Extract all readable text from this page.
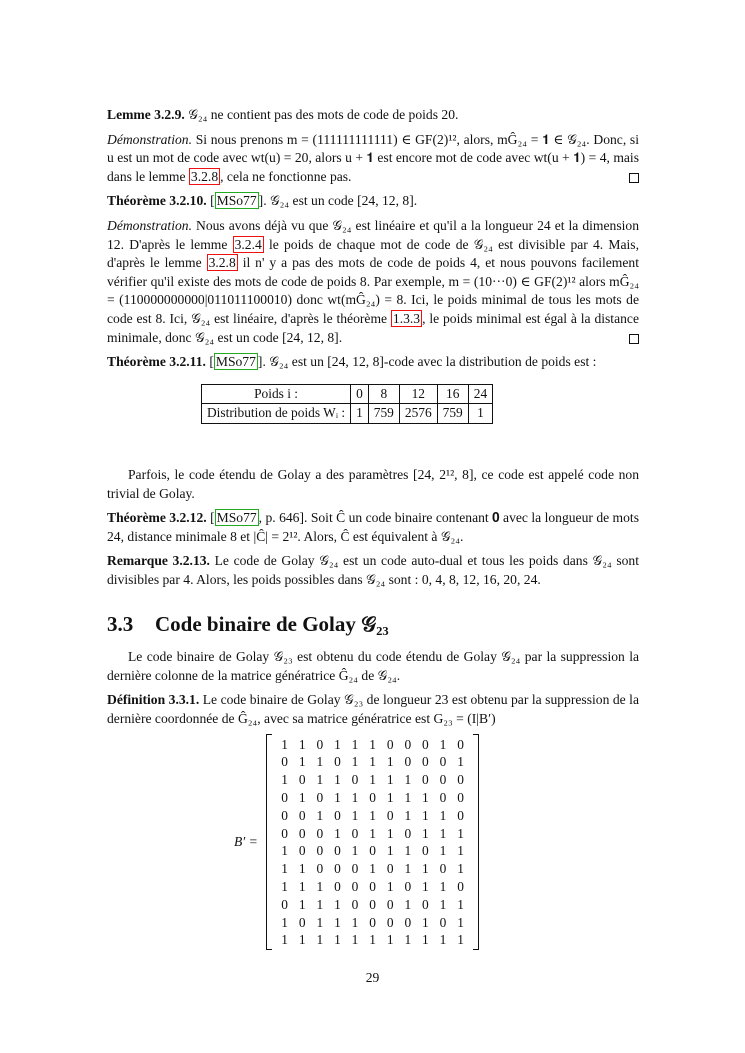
Lemme 3.2.9. 𝒢₂₄ ne contient pas des mots de code de poids 20.

Démonstration. Si nous prenons m = (111111111111) ∈ GF(2)¹², alors, mĜ₂₄ = 𝟏 ∈ 𝒢₂₄. Donc, si u est un mot de code avec wt(u) = 20, alors u + 𝟏 est encore mot de code avec wt(u + 𝟏) = 4, mais dans le lemme 3.2.8 , cela ne fonctionne pas.

Théorème 3.2.10. [ MSo77 ]. 𝒢₂₄ est un code [24, 12, 8].

Démonstration. Nous avons déjà vu que 𝒢₂₄ est linéaire et qu'il a la longueur 24 et la dimension 12. D'après le lemme 3.2.4 le poids de chaque mot de code de 𝒢₂₄ est divisible par 4. Mais, d'après le lemme 3.2.8 il n' y a pas des mots de code de poids 4, et nous pouvons facilement vérifier qu'il existe des mots de code de poids 8. Par exemple, m = (10···0) ∈ GF(2)¹² alors mĜ₂₄ = (110000000000|011011100010) donc wt(mĜ₂₄) = 8. Ici, le poids minimal de tous les mots de code est 8. Ici, 𝒢₂₄ est linéaire, d'après le théorème 1.3.3 , le poids minimal est égal à la distance minimale, donc 𝒢₂₄ est un code [24, 12, 8].

Théorème 3.2.11. [ MSo77 ]. 𝒢₂₄ est un [24, 12, 8]-code avec la distribution de poids est :

Poids i :	0	8	12	16	24
Distribution de poids Wᵢ :	1	759	2576	759	1

Parfois, le code étendu de Golay a des paramètres [24, 2¹², 8], ce code est appelé code non trivial de Golay.

Théorème 3.2.12. [ MSo77 , p. 646]. Soit Ĉ un code binaire contenant 𝟎 avec la longueur de mots 24, distance minimale 8 et |Ĉ| = 2¹². Alors, Ĉ est équivalent à 𝒢₂₄.

Remarque 3.2.13. Le code de Golay 𝒢₂₄ est un code auto-dual et tous les poids dans 𝒢₂₄ sont divisibles par 4. Alors, les poids possibles dans 𝒢₂₄ sont : 0, 4, 8, 12, 16, 20, 24.

3.3 Code binaire de Golay 𝒢₂₃

Le code binaire de Golay 𝒢₂₃ est obtenu du code étendu de Golay 𝒢₂₄ par la suppression la dernière colonne de la matrice génératrice Ĝ₂₄ de 𝒢₂₄.

Définition 3.3.1. Le code binaire de Golay 𝒢₂₃ de longueur 23 est obtenu par la suppression de la dernière coordonnée de Ĝ₂₄, avec sa matrice génératrice est G₂₃ = (I|B′)

B′ =
1 1 0 1 1 1 0 0 0 1 0
0 1 1 0 1 1 1 0 0 0 1
1 0 1 1 0 1 1 1 0 0 0
0 1 0 1 1 0 1 1 1 0 0
0 0 1 0 1 1 0 1 1 1 0
0 0 0 1 0 1 1 0 1 1 1
1 0 0 0 1 0 1 1 0 1 1
1 1 0 0 0 1 0 1 1 0 1
1 1 1 0 0 0 1 0 1 1 0
0 1 1 1 0 0 0 1 0 1 1
1 0 1 1 1 0 0 0 1 0 1
1 1 1 1 1 1 1 1 1 1 1
29
